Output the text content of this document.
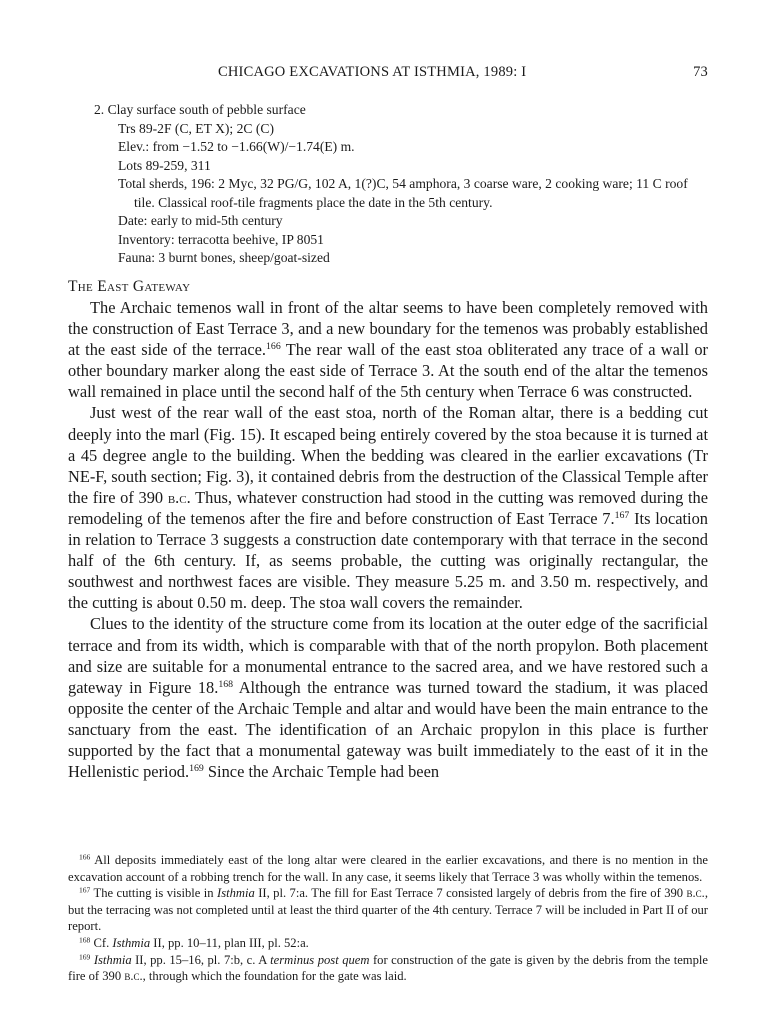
CHICAGO EXCAVATIONS AT ISTHMIA, 1989: I	73

2. Clay surface south of pebble surface

Trs 89-2F (C, ET X); 2C (C)

Elev.: from −1.52 to −1.66(W)/−1.74(E) m.

Lots 89-259, 311

Total sherds, 196: 2 Myc, 32 PG/G, 102 A, 1(?)C, 54 amphora, 3 coarse ware, 2 cooking ware; 11 C roof tile. Classical roof-tile fragments place the date in the 5th century.

Date: early to mid-5th century

Inventory: terracotta beehive, IP 8051

Fauna: 3 burnt bones, sheep/goat-sized

The East Gateway

The Archaic temenos wall in front of the altar seems to have been completely removed with the construction of East Terrace 3, and a new boundary for the temenos was probably established at the east side of the terrace.$^{166}$ The rear wall of the east stoa obliterated any trace of a wall or other boundary marker along the east side of Terrace 3. At the south end of the altar the temenos wall remained in place until the second half of the 5th century when Terrace 6 was constructed.

Just west of the rear wall of the east stoa, north of the Roman altar, there is a bedding cut deeply into the marl (Fig. 15). It escaped being entirely covered by the stoa because it is turned at a 45 degree angle to the building. When the bedding was cleared in the earlier excavations (Tr NE-F, south section; Fig. 3), it contained debris from the destruction of the Classical Temple after the fire of 390 b.c. Thus, whatever construction had stood in the cutting was removed during the remodeling of the temenos after the fire and before construction of East Terrace 7.$^{167}$ Its location in relation to Terrace 3 suggests a construction date contemporary with that terrace in the second half of the 6th century. If, as seems probable, the cutting was originally rectangular, the southwest and northwest faces are visible. They measure 5.25 m. and 3.50 m. respectively, and the cutting is about 0.50 m. deep. The stoa wall covers the remainder.

Clues to the identity of the structure come from its location at the outer edge of the sacrificial terrace and from its width, which is comparable with that of the north propylon. Both placement and size are suitable for a monumental entrance to the sacred area, and we have restored such a gateway in Figure 18.$^{168}$ Although the entrance was turned toward the stadium, it was placed opposite the center of the Archaic Temple and altar and would have been the main entrance to the sanctuary from the east. The identification of an Archaic propylon in this place is further supported by the fact that a monumental gateway was built immediately to the east of it in the Hellenistic period.$^{169}$ Since the Archaic Temple had been

$^{166}$ All deposits immediately east of the long altar were cleared in the earlier excavations, and there is no mention in the excavation account of a robbing trench for the wall. In any case, it seems likely that Terrace 3 was wholly within the temenos.

$^{167}$ The cutting is visible in Isthmia II, pl. 7:a. The fill for East Terrace 7 consisted largely of debris from the fire of 390 b.c., but the terracing was not completed until at least the third quarter of the 4th century. Terrace 7 will be included in Part II of our report.

$^{168}$ Cf. Isthmia II, pp. 10–11, plan III, pl. 52:a.

$^{169}$ Isthmia II, pp. 15–16, pl. 7:b, c. A terminus post quem for construction of the gate is given by the debris from the temple fire of 390 b.c., through which the foundation for the gate was laid.
